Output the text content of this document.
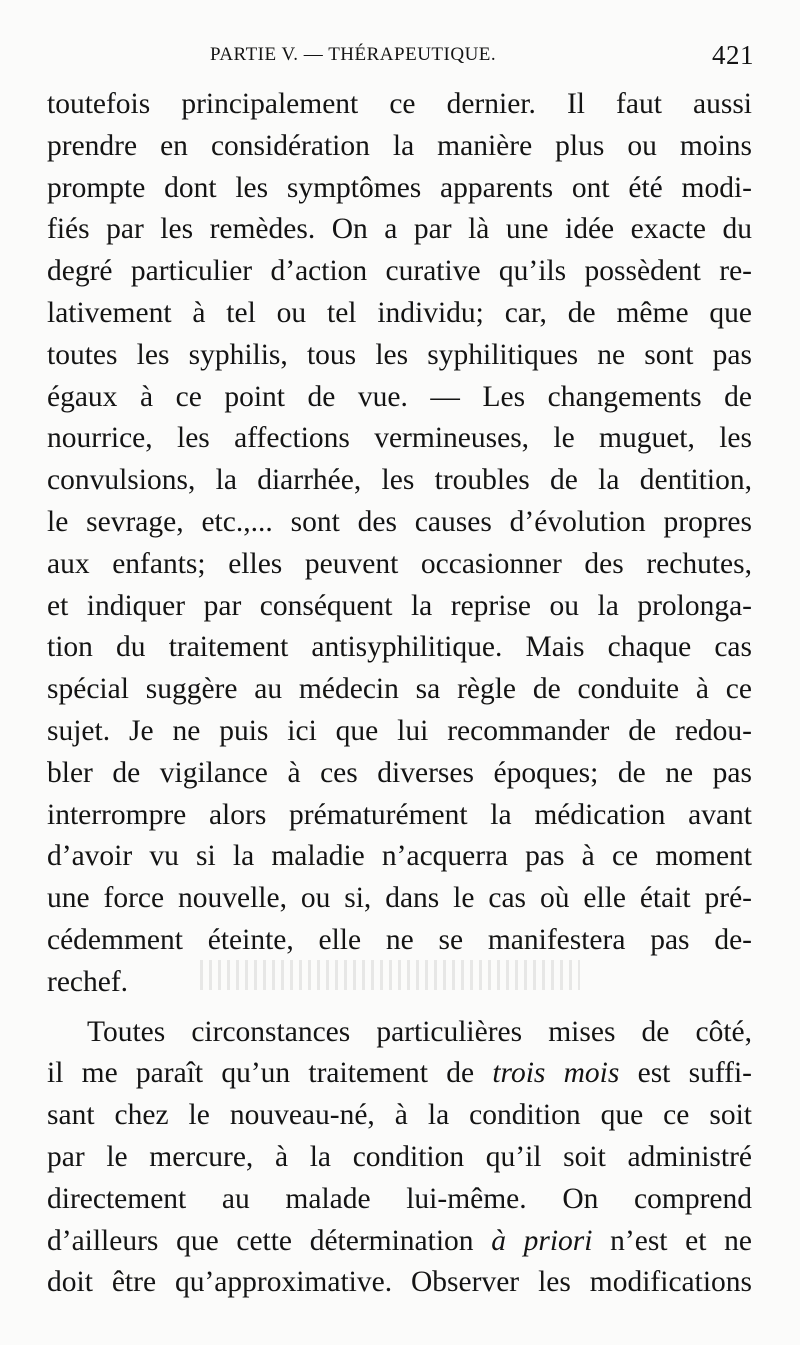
PARTIE V. — THÉRAPEUTIQUE.	421
toutefois principalement ce dernier. Il faut aussi
prendre en considération la manière plus ou moins
prompte dont les symptômes apparents ont été modi-
fiés par les remèdes. On a par là une idée exacte du
degré particulier d’action curative qu’ils possèdent re-
lativement à tel ou tel individu; car, de même que
toutes les syphilis, tous les syphilitiques ne sont pas
égaux à ce point de vue. — Les changements de
nourrice, les affections vermineuses, le muguet, les
convulsions, la diarrhée, les troubles de la dentition,
le sevrage, etc.,... sont des causes d’évolution propres
aux enfants; elles peuvent occasionner des rechutes,
et indiquer par conséquent la reprise ou la prolonga-
tion du traitement antisyphilitique. Mais chaque cas
spécial suggère au médecin sa règle de conduite à ce
sujet. Je ne puis ici que lui recommander de redou-
bler de vigilance à ces diverses époques; de ne pas
interrompre alors prématurément la médication avant
d’avoir vu si la maladie n’acquerra pas à ce moment
une force nouvelle, ou si, dans le cas où elle était pré-
cédemment éteinte, elle ne se manifestera pas de-
rechef.
Toutes circonstances particulières mises de côté,
il me paraît qu’un traitement de trois mois est suffi-
sant chez le nouveau-né, à la condition que ce soit
par le mercure, à la condition qu’il soit administré
directement au malade lui-même. On comprend
d’ailleurs que cette détermination à priori n’est et ne
doit être qu’approximative. Observer les modifications
